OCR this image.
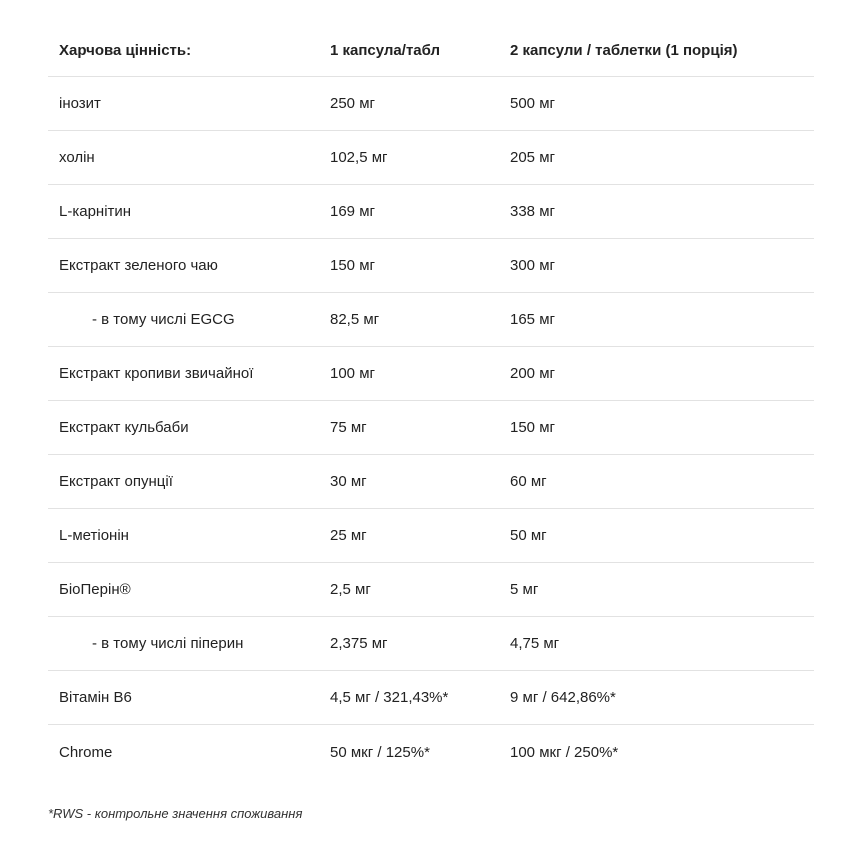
Харчова цінність:	1 капсула/табл	2 капсули / таблетки (1 порція)
інозит	250 мг	500 мг
холін	102,5 мг	205 мг
L-карнітин	169 мг	338 мг
Екстракт зеленого чаю	150 мг	300 мг
- в тому числі EGCG	82,5 мг	165 мг
Екстракт кропиви звичайної	100 мг	200 мг
Екстракт кульбаби	75 мг	150 мг
Екстракт опунції	30 мг	60 мг
L-метіонін	25 мг	50 мг
БіоПерін®	2,5 мг	5 мг
- в тому числі піперин	2,375 мг	4,75 мг
Вітамін В6	4,5 мг / 321,43%*	9 мг / 642,86%*
Chrome	50 мкг / 125%*	100 мкг / 250%*
*RWS - контрольне значення споживання
